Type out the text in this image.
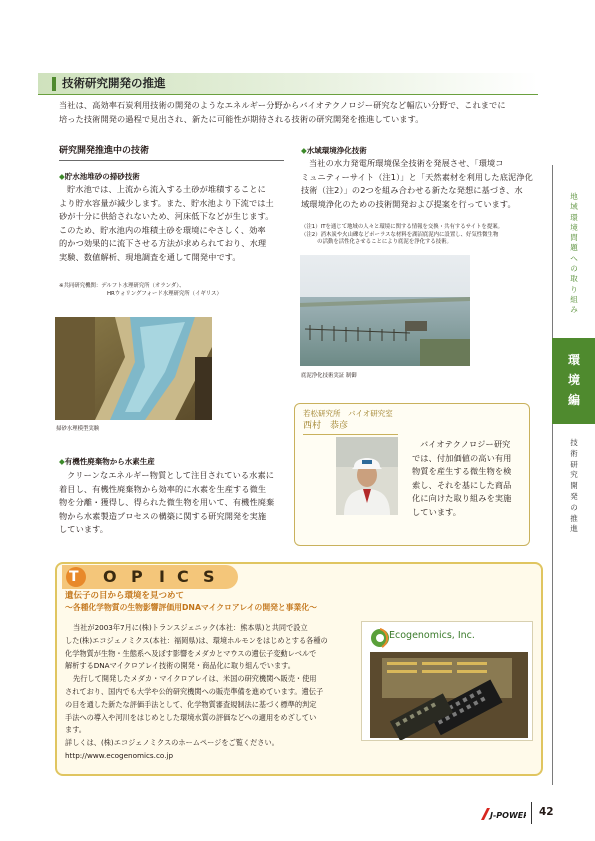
技術研究開発の推進
当社は、高効率石炭利用技術の開発のようなエネルギー分野からバイオテクノロジー研究など幅広い分野で、これまでに
培った技術開発の過程で見出され、新たに可能性が期待される技術の研究開発を推進しています。
研究開発推進中の技術
◆貯水池堆砂の掃砂技術
貯水池では、上流から流入する土砂が堆積することに
より貯水容量が減少します。また、貯水池より下流では土
砂が十分に供給されないため、河床低下などが生じます。
このため、貯水池内の堆積土砂を環境にやさしく、効率
的かつ効果的に流下させる方法が求められており、水理
実験、数値解析、現地調査を通して開発中です。
※共同研究機関：デルフト水理研究所（オランダ）、
HRウォリングフォード水理研究所（イギリス）
掃砂水理模型実験
◆有機性廃棄物から水素生産
クリーンなエネルギー物質として注目されている水素に
着目し、有機性廃棄物から効率的に水素を生産する微生
物を分離・獲得し、得られた微生物を用いて、有機性廃棄
物から水素製造プロセスの構築に関する研究開発を実施
しています。
◆水域環境浄化技術
当社の水力発電所環境保全技術を発展させ、「環境コ
ミュニティーサイト（注1）」と「天然素材を利用した底泥浄化
技術（注2）」の2つを組み合わせる新たな発想に基づき、水
域環境浄化のための技術開発および提案を行っています。
（注1）ITを通じて地域の人々と環境に関する情報を交換・共有するサイトを提案。
（注2）消木炭や火山礫などポーラスな材料を湖沼底泥内に設置し、好気性微生物
　　　の活動を活性化させることにより底泥を浄化する技術。
底泥浄化技術実証 制御
若松研究所　バイオ研究室
西村　恭彦
バイオテクノロジー研究
では、付加価値の高い有用
物質を産生する微生物を検
索し、それを基にした商品
化に向けた取り組みを実施
しています。
T O P I C S
遺伝子の目から環境を見つめて
～各種化学物質の生物影響評価用DNAマイクロアレイの開発と事業化～
当社が2003年7月に(株)トランスジェニック(本社：熊本県)と共同で設立
した(株)エコジェノミクス(本社：福岡県)は、環境ホルモンをはじめとする各種の
化学物質が生物・生態系へ及ぼす影響をメダカとマウスの遺伝子変動レベルで
解析するDNAマイクロアレイ技術の開発・商品化に取り組んでいます。
先行して開発したメダカ・マイクロアレイは、米国の研究機関へ販売・使用
されており、国内でも大学や公的研究機関への販売準備を進めています。遺伝子
の目を通した新たな評価手法として、化学物質審査規制法に基づく標準的判定
手法への導入や河川をはじめとした環境水質の評価などへの適用をめざしてい
ます。
詳しくは、(株)エコジェノミクスのホームページをご覧ください。
http://www.ecogenomics.co.jp
Ecogenomics, Inc.
地域環境問題への取り組み
環境編
技術研究開発の推進
J-POWER 42
